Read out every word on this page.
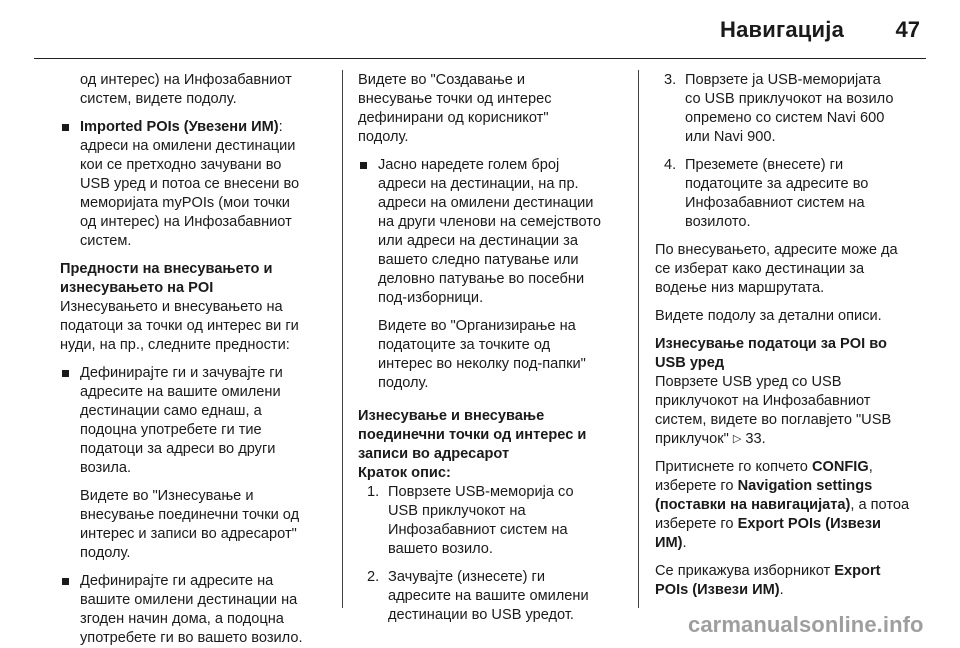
Навигација 47

од интерес) на Инфозабавниот
систем, видете подолу.

Imported POIs (Увезени ИМ):
адреси на омилени дестинации
кои се претходно зачувани во
USB уред и потоа се внесени во
меморијата myPOIs (мои точки
од интерес) на Инфозабавниот
систем.

Предности на внесувањето и
изнесувањето на POI

Изнесувањето и внесувањето на
податоци за точки од интерес ви ги
нуди, на пр., следните предности:

Дефинирајте ги и зачувајте ги
адресите на вашите омилени
дестинации само еднаш, а
подоцна употребете ги тие
податоци за адреси во други
возила.

Видете во "Изнесување и
внесување поединечни точки од
интерес и записи во адресарот"
подолу.

Дефинирајте ги адресите на
вашите омилени дестинации на
згоден начин дома, а подоцна
употребете ги во вашето возило.

Видете во "Создавање и
внесување точки од интерес
дефинирани од корисникот"
подолу.

Јасно наредете голем број
адреси на дестинации, на пр.
адреси на омилени дестинации
на други членови на семејството
или адреси на дестинации за
вашето следно патување или
деловно патување во посебни
под-изборници.

Видете во "Организирање на
податоците за точките од
интерес во неколку под-папки"
подолу.

Изнесување и внесување
поединечни точки од интерес и
записи во адресарот

Краток опис:

1. Поврзете USB-меморија со
USB приклучокот на
Инфозабавниот систем на
вашето возило.
2. Зачувајте (изнесете) ги
адресите на вашите омилени
дестинации во USB уредот.
3. Поврзете ја USB-меморијата
со USB приклучокот на возило
опремено со систем Navi 600
или Navi 900.
4. Преземете (внесете) ги
податоците за адресите во
Инфозабавниот систем на
возилото.

По внесувањето, адресите може да
се изберат како дестинации за
водење низ маршрутата.

Видете подолу за детални описи.

Изнесување податоци за POI во
USB уред

Поврзете USB уред со USB
приклучокот на Инфозабавниот
систем, видете во поглавјето "USB
приклучок" ▷ 33.

Притиснете го копчето CONFIG,
изберете го Navigation settings
(поставки на навигацијата), а потоа
изберете го Export POIs (Извези
ИМ).

Се прикажува изборникот Export
POIs (Извези ИМ).

carmanualsonline.info
